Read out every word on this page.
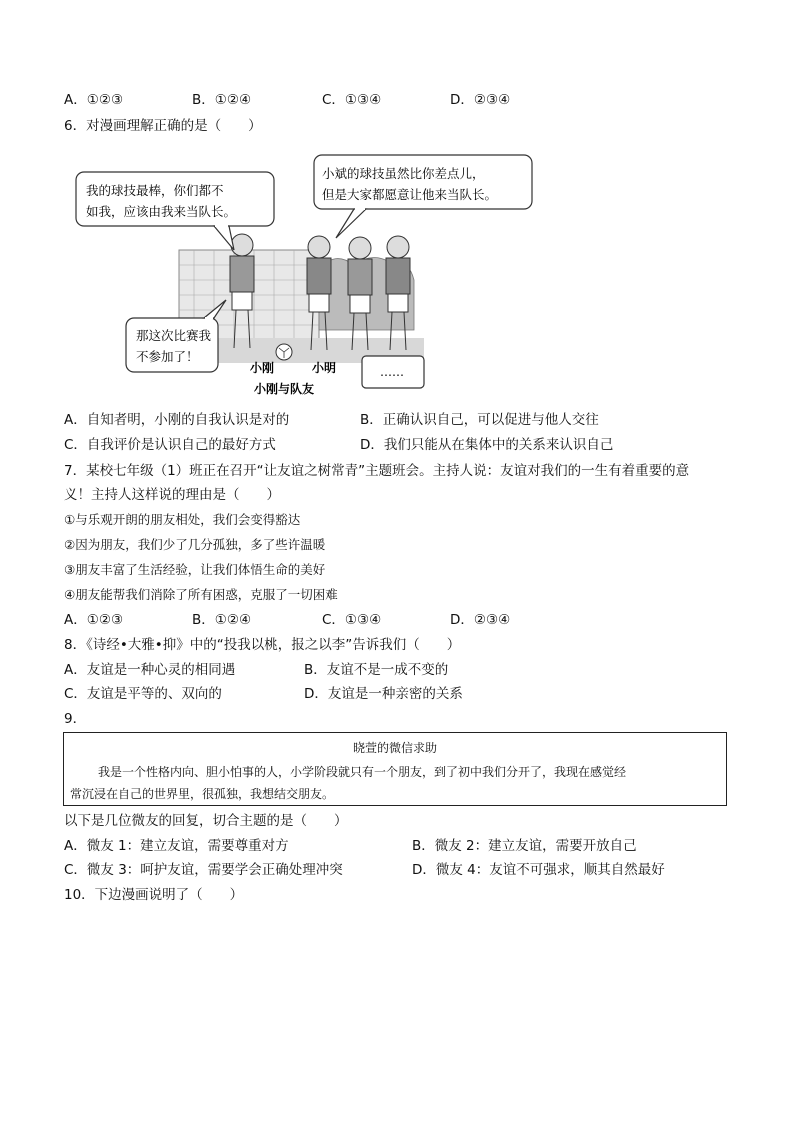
A．①②③	B．①②④	C．①③④	D．②③④
6．对漫画理解正确的是（　　）
我的球技最棒，你们都不
如我，应该由我来当队长。
小斌的球技虽然比你差点儿，
但是大家都愿意让他来当队长。
那这次比赛我
不参加了！
……
小刚	小明
小刚与队友
A．自知者明，小刚的自我认识是对的	B．正确认识自己，可以促进与他人交往
C．自我评价是认识自己的最好方式	D．我们只能从在集体中的关系来认识自己
7．某校七年级（1）班正在召开“让友谊之树常青”主题班会。主持人说：友谊对我们的一生有着重要的意
义！主持人这样说的理由是（　　）
①与乐观开朗的朋友相处，我们会变得豁达
②因为朋友，我们少了几分孤独，多了些许温暖
③朋友丰富了生活经验，让我们体悟生命的美好
④朋友能帮我们消除了所有困惑，克服了一切困难
A．①②③	B．①②④	C．①③④	D．②③④
8．《诗经•大雅•抑》中的“投我以桃，报之以李”告诉我们（　　）
A．友谊是一种心灵的相同遇	B．友谊不是一成不变的
C．友谊是平等的、双向的	D．友谊是一种亲密的关系
9．
晓萱的微信求助
我是一个性格内向、胆小怕事的人，小学阶段就只有一个朋友，到了初中我们分开了，我现在感觉经
常沉浸在自己的世界里，很孤独，我想结交朋友。
以下是几位微友的回复，切合主题的是（　　）
A．微友 1：建立友谊，需要尊重对方	B．微友 2：建立友谊，需要开放自己
C．微友 3：呵护友谊，需要学会正确处理冲突	D．微友 4：友谊不可强求，顺其自然最好
10．下边漫画说明了（　　）
